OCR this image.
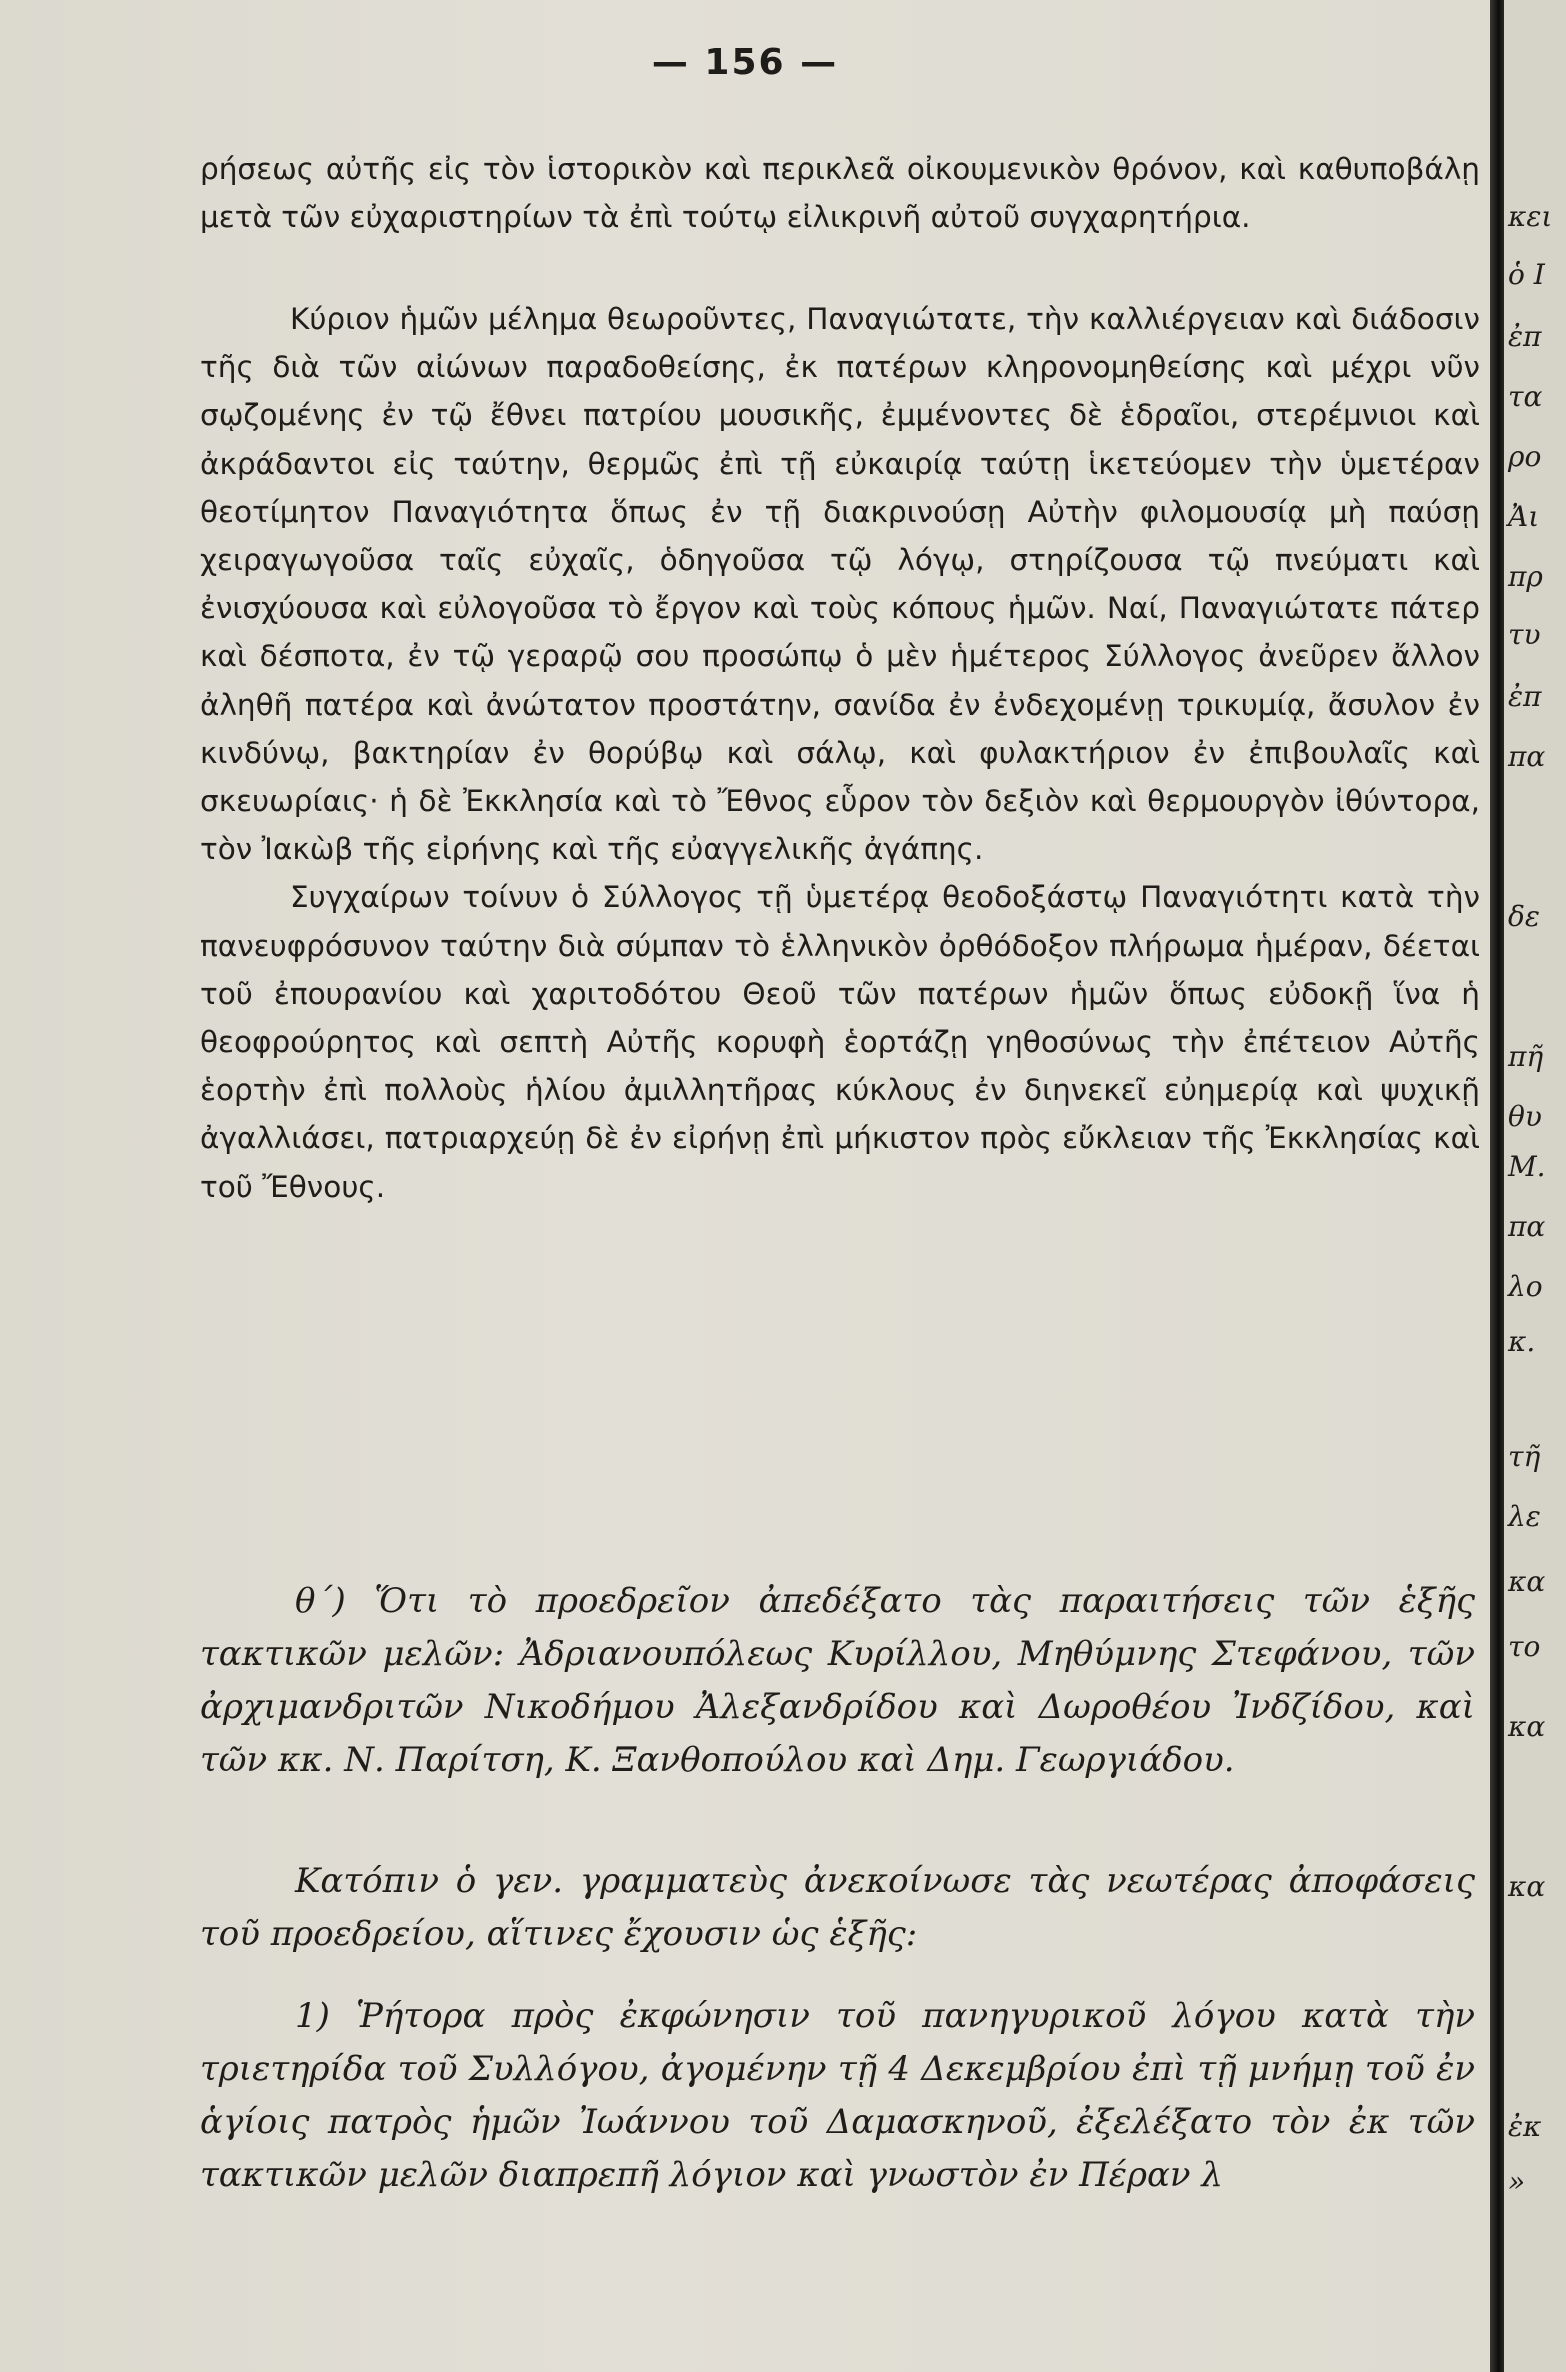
— 156 —

ρήσεως αὐτῆς εἰς τὸν ἱστορικὸν καὶ περικλεᾶ οἰκουμενικὸν θρόνον, καὶ καθυποβάλῃ μετὰ τῶν εὐχαριστηρίων τὰ ἐπὶ τούτῳ εἰλικρινῆ αὐτοῦ συγχαρητήρια.

Κύριον ἡμῶν μέλημα θεωροῦντες, Παναγιώτατε, τὴν καλλιέργειαν καὶ διάδοσιν τῆς διὰ τῶν αἰώνων παραδοθείσης, ἐκ πατέρων κληρονομηθείσης καὶ μέχρι νῦν σῳζομένης ἐν τῷ ἔθνει πατρίου μουσικῆς, ἐμμένοντες δὲ ἑδραῖοι, στερέμνιοι καὶ ἀκράδαντοι εἰς ταύτην, θερμῶς ἐπὶ τῇ εὐκαιρίᾳ ταύτῃ ἱκετεύομεν τὴν ὑμετέραν θεοτίμητον Παναγιότητα ὅπως ἐν τῇ διακρινούσῃ Αὐτὴν φιλομουσίᾳ μὴ παύσῃ χειραγωγοῦσα ταῖς εὐχαῖς, ὁδηγοῦσα τῷ λόγῳ, στηρίζουσα τῷ πνεύματι καὶ ἐνισχύουσα καὶ εὐλογοῦσα τὸ ἔργον καὶ τοὺς κόπους ἡμῶν. Ναί, Παναγιώτατε πάτερ καὶ δέσποτα, ἐν τῷ γεραρῷ σου προσώπῳ ὁ μὲν ἡμέτερος Σύλλογος ἀνεῦρεν ἄλλον ἀληθῆ πατέρα καὶ ἀνώτατον προστάτην, σανίδα ἐν ἐνδεχομένῃ τρικυμίᾳ, ἄσυλον ἐν κινδύνῳ, βακτηρίαν ἐν θορύβῳ καὶ σάλῳ, καὶ φυλακτήριον ἐν ἐπιβουλαῖς καὶ σκευωρίαις· ἡ δὲ Ἐκκλησία καὶ τὸ Ἔθνος εὗρον τὸν δεξιὸν καὶ θερμουργὸν ἰθύντορα, τὸν Ἰακὼβ τῆς εἰρήνης καὶ τῆς εὐαγγελικῆς ἀγάπης.

Συγχαίρων τοίνυν ὁ Σύλλογος τῇ ὑμετέρᾳ θεοδοξάστῳ Παναγιότητι κατὰ τὴν πανευφρόσυνον ταύτην διὰ σύμπαν τὸ ἑλληνικὸν ὀρθόδοξον πλήρωμα ἡμέραν, δέεται τοῦ ἐπουρανίου καὶ χαριτοδότου Θεοῦ τῶν πατέρων ἡμῶν ὅπως εὐδοκῇ ἵνα ἡ θεοφρούρητος καὶ σεπτὴ Αὐτῆς κορυφὴ ἑορτάζῃ γηθοσύνως τὴν ἐπέτειον Αὐτῆς ἑορτὴν ἐπὶ πολλοὺς ἡλίου ἀμιλλητῆρας κύκλους ἐν διηνεκεῖ εὐημερίᾳ καὶ ψυχικῇ ἀγαλλιάσει, πατριαρχεύῃ δὲ ἐν εἰρήνῃ ἐπὶ μήκιστον πρὸς εὔκλειαν τῆς Ἐκκλησίας καὶ τοῦ Ἔθνους.

θ΄) Ὅτι τὸ προεδρεῖον ἀπεδέξατο τὰς παραιτήσεις τῶν ἑξῆς τακτικῶν μελῶν: Ἀδριανουπόλεως Κυρίλλου, Μηθύμνης Στεφάνου, τῶν ἀρχιμανδριτῶν Νικοδήμου Ἀλεξανδρίδου καὶ Δωροθέου Ἰνδζίδου, καὶ τῶν κκ. Ν. Παρίτση, Κ. Ξανθοπούλου καὶ Δημ. Γεωργιάδου.

Κατόπιν ὁ γεν. γραμματεὺς ἀνεκοίνωσε τὰς νεωτέρας ἀποφάσεις τοῦ προεδρείου, αἵτινες ἔχουσιν ὡς ἑξῆς:

1) Ῥήτορα πρὸς ἐκφώνησιν τοῦ πανηγυρικοῦ λόγου κατὰ τὴν τριετηρίδα τοῦ Συλλόγου, ἀγομένην τῇ 4 Δεκεμβρίου ἐπὶ τῇ μνήμῃ τοῦ ἐν ἁγίοις πατρὸς ἡμῶν Ἰωάννου τοῦ Δαμασκηνοῦ, ἐξελέξατο τὸν ἐκ τῶν τακτικῶν μελῶν διαπρεπῆ λόγιον καὶ γνωστὸν ἐν Πέραν λ

κει
ὁ Ι
ἐπ
τα
ρο
Ἀι
πρ
τυ
ἐπ
πα
δε
πῆ
θυ
Μ.
πα
λο
κ.
τῆ
λε
κα
το
κα
κα
ἐκ
»
